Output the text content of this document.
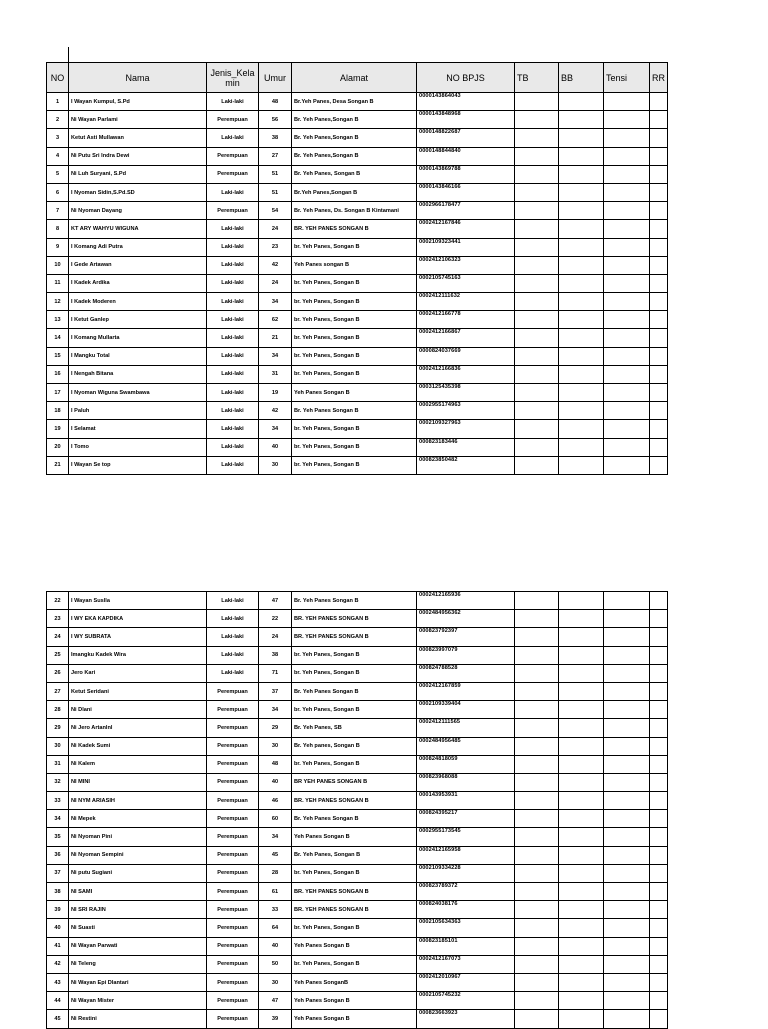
NO	Nama	Jenis_Kela min	Umur	Alamat	NO BPJS	TB	BB	Tensi	RR
1	I Wayan Kumpul, S.Pd	Laki-laki	48	Br.Yeh Panes, Desa Songan B	0000143864043				
2	Ni Wayan Parlami	Perempuan	56	Br. Yeh Panes,Songan B	0000143848968				
3	Ketut Asti Mullawan	Laki-laki	38	Br. Yeh Panes,Songan B	0000148822687				
4	Ni Putu Sri Indra Dewi	Perempuan	27	Br. Yeh Panes,Songan B	0000148844840				
5	Ni Luh Suryani, S.Pd	Perempuan	51	Br. Yeh Panes, Songan B	0000143869788				
6	I Nyoman Sidin,S.Pd.SD	Laki-laki	51	Br.Yeh Panes,Songan B	0000143846166				
7	Ni Nyoman Dayang	Perempuan	54	Br. Yeh Panes, Ds. Songan B Kintamani	0002966178477				
8	KT ARY WAHYU WIGUNA	Laki-laki	24	BR. YEH PANES SONGAN B	0002412167846				
9	I Komang Adi Putra	Laki-laki	23	br. Yeh Panes, Songan B	0002109323441				
10	I Gede Artawan	Laki-laki	42	Yeh Panes songan B	0002412106323				
11	I Kadek Ardika	Laki-laki	24	br. Yeh Panes, Songan B	0002105745163				
12	I Kadek Moderen	Laki-laki	34	br. Yeh Panes, Songan B	0002412111632				
13	I Ketut Ganlep	Laki-laki	62	br. Yeh Panes, Songan B	0002412166778				
14	I Komang Mullarta	Laki-laki	21	br. Yeh Panes, Songan B	0002412166867				
15	I Mangku Total	Laki-laki	34	br. Yeh Panes, Songan B	0000824037669				
16	I Nengah Bitana	Laki-laki	31	br. Yeh Panes, Songan B	0002412166836				
17	I Nyoman Wiguna Swambawa	Laki-laki	19	Yeh Panes Songan B	0003125435398				
18	I Paluh	Laki-laki	42	Br. Yeh Panes Songan B	0002955174963				
19	I Selamat	Laki-laki	34	br. Yeh Panes, Songan B	0002109327963				
20	I Tomo	Laki-laki	40	br. Yeh Panes, Songan B	000823183446				
21	I Wayan Se top	Laki-laki	30	br. Yeh Panes, Songan B	000823850482				
22	I Wayan Suslla	Laki-laki	47	Br. Yeh Panes Songan B	0002412165936				
23	I WY EKA KAPDIKA	Laki-laki	22	BR. YEH PANES SONGAN B	0002484956362				
24	I WY SUBRATA	Laki-laki	24	BR. YEH PANES SONGAN B	000823792397				
25	Imangku Kadek Wira	Laki-laki	38	br. Yeh Panes, Songan B	000823997079				
26	Jero Kari	Laki-laki	71	br. Yeh Panes, Songan B	000824788528				
27	Ketut Seridani	Perempuan	37	Br. Yeh Panes Songan B	0002412167859				
28	Ni Dlani	Perempuan	34	br. Yeh Panes, Songan B	0002109339404				
29	Ni Jero Artanlnl	Perempuan	29	Br. Yeh Panes, SB	0002412111565				
30	Ni Kadek Sumi	Perempuan	30	Br. Yeh panes, Songan B	0002484956485				
31	Ni Kalem	Perempuan	48	br. Yeh Panes, Songan B	000824818059				
32	NI MINI	Perempuan	40	BR YEH PANES SONGAN B	000823968088				
33	NI NYM ARIASIH	Perempuan	46	BR. YEH PANES SONGAN B	000143953931				
34	Ni Mepek	Perempuan	60	Br. Yeh Panes Songan B	000824395217				
35	Ni Nyoman Pini	Perempuan	34	Yeh Panes Songan B	0002955173545				
36	Ni Nyoman Sempini	Perempuan	45	Br. Yeh Panes, Songan B	0002412165958				
37	Ni putu Sugiani	Perempuan	28	br. Yeh Panes, Songan B	0002109334228				
38	NI SAMI	Perempuan	61	BR. YEH PANES SONGAN B	000823789372				
39	NI SRI RAJIN	Perempuan	33	BR. YEH PANES SONGAN B	000824038176				
40	Ni Suasti	Perempuan	64	br. Yeh Panes, Songan B	0002105634363				
41	Ni Wayan Parwati	Perempuan	40	Yeh Panes Songan B	000823185101				
42	Ni Teleng	Perempuan	50	br. Yeh Panes, Songan B	0002412167073				
43	Ni Wayan Epi Dlantari	Perempuan	30	Yeh Panes SonganB	0002412010967				
44	Ni Wayan Mister	Perempuan	47	Yeh Panes Songan B	0002105745232				
45	Ni Restini	Perempuan	39	Yeh Panes Songan B	000823663923				
